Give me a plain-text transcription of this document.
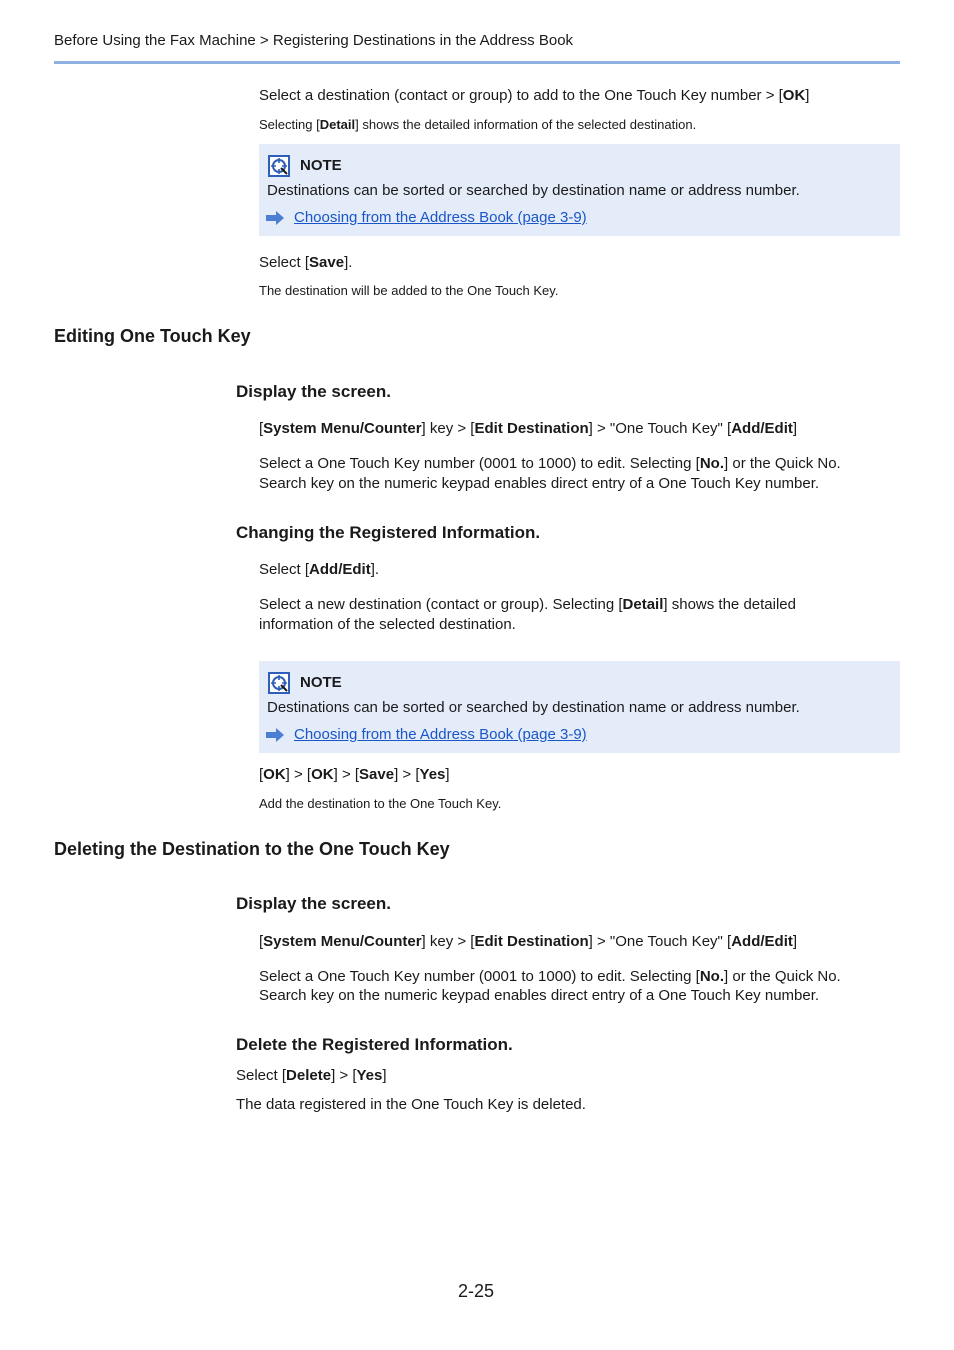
Before Using the Fax Machine > Registering Destinations in the Address Book
Select a destination (contact or group) to add to the One Touch Key number > [OK]
Selecting [Detail] shows the detailed information of the selected destination.
NOTE
Destinations can be sorted or searched by destination name or address number.
Choosing from the Address Book (page 3-9)
Select [Save].
The destination will be added to the One Touch Key.
Editing One Touch Key
Display the screen.
[System Menu/Counter] key > [Edit Destination] > "One Touch Key" [Add/Edit]
Select a One Touch Key number (0001 to 1000) to edit. Selecting [No.] or the Quick No.
Search key on the numeric keypad enables direct entry of a One Touch Key number.
Changing the Registered Information.
Select [Add/Edit].
Select a new destination (contact or group). Selecting [Detail] shows the detailed
information of the selected destination.
NOTE
Destinations can be sorted or searched by destination name or address number.
Choosing from the Address Book (page 3-9)
[OK] > [OK] > [Save] > [Yes]
Add the destination to the One Touch Key.
Deleting the Destination to the One Touch Key
Display the screen.
[System Menu/Counter] key > [Edit Destination] > "One Touch Key" [Add/Edit]
Select a One Touch Key number (0001 to 1000) to edit. Selecting [No.] or the Quick No.
Search key on the numeric keypad enables direct entry of a One Touch Key number.
Delete the Registered Information.
Select [Delete] > [Yes]
The data registered in the One Touch Key is deleted.
2-25
